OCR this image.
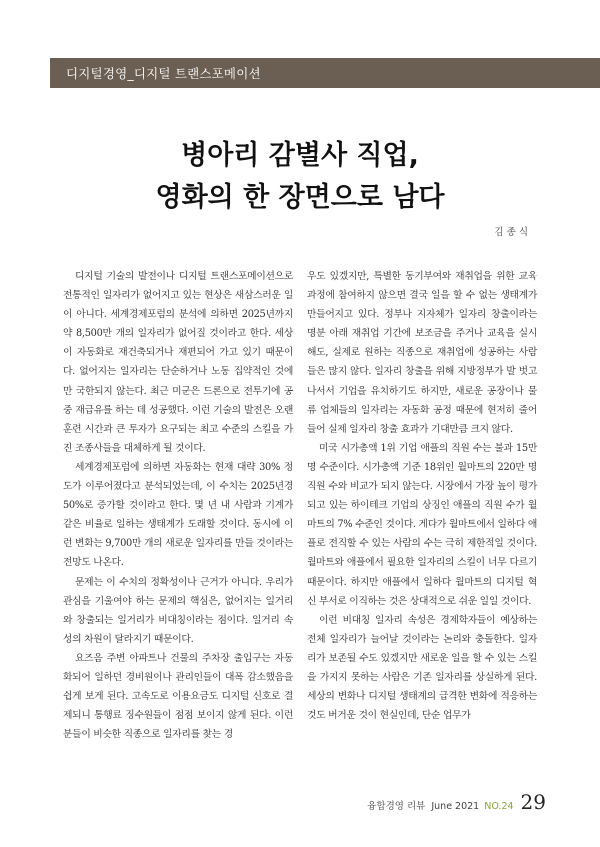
디지털경영_디지털 트랜스포메이션
병아리 감별사 직업,
영화의 한 장면으로 남다
김 종 식

디지털 기술의 발전이나 디지털 트랜스포메이션으로 전통적인 일자리가 없어지고 있는 현상은 새삼스러운 일이 아니다. 세계경제포럼의 분석에 의하면 2025년까지 약 8,500만 개의 일자리가 없어질 것이라고 한다. 세상이 자동화로 재건축되거나 재편되어 가고 있기 때문이다. 없어지는 일자리는 단순하거나 노동 집약적인 것에만 국한되지 않는다. 최근 미군은 드론으로 전투기에 공중 재급유를 하는 데 성공했다. 이런 기술의 발전은 오랜 훈련 시간과 큰 투자가 요구되는 최고 수준의 스킬을 가진 조종사들을 대체하게 될 것이다.

세계경제포럼에 의하면 자동화는 현재 대략 30% 정도가 이루어졌다고 분석되었는데, 이 수치는 2025년경 50%로 증가할 것이라고 한다. 몇 년 내 사람과 기계가 같은 비율로 일하는 생태계가 도래할 것이다. 동시에 이런 변화는 9,700만 개의 새로운 일자리를 만들 것이라는 전망도 나온다.

문제는 이 수치의 정확성이나 근거가 아니다. 우리가 관심을 기울여야 하는 문제의 핵심은, 없어지는 일거리와 창출되는 일거리가 비대칭이라는 점이다. 일거리 속성의 차원이 달라지기 때문이다.

요즈음 주변 아파트나 건물의 주차장 출입구는 자동화되어 일하던 경비원이나 관리인들이 대폭 감소했음을 쉽게 보게 된다. 고속도로 이용요금도 디지털 신호로 결제되니 통행료 징수원들이 점점 보이지 않게 된다. 이런 분들이 비슷한 직종으로 일자리를 찾는 경

우도 있겠지만, 특별한 동기부여와 재취업을 위한 교육과정에 참여하지 않으면 결국 일을 할 수 없는 생태계가 만들어지고 있다. 정부나 지자체가 일자리 창출이라는 명분 아래 재취업 기간에 보조금을 주거나 교육을 실시해도, 실제로 원하는 직종으로 재취업에 성공하는 사람들은 많지 않다. 일자리 창출을 위해 지방정부가 발 벗고 나서서 기업을 유치하기도 하지만, 새로운 공장이나 물류 업체들의 일자리는 자동화 공정 때문에 현저히 줄어들어 실제 일자리 창출 효과가 기대만큼 크지 않다.

미국 시가총액 1위 기업 애플의 직원 수는 불과 15만 명 수준이다. 시가총액 기준 18위인 월마트의 220만 명 직원 수와 비교가 되지 않는다. 시장에서 가장 높이 평가되고 있는 하이테크 기업의 상징인 애플의 직원 수가 월마트의 7% 수준인 것이다. 게다가 월마트에서 일하다 애플로 전직할 수 있는 사람의 수는 극히 제한적일 것이다. 월마트와 애플에서 필요한 일자리의 스킬이 너무 다르기 때문이다. 하지만 애플에서 일하다 월마트의 디지털 혁신 부서로 이직하는 것은 상대적으로 쉬운 일일 것이다.

이런 비대칭 일자리 속성은 경제학자들이 예상하는 전체 일자리가 늘어날 것이라는 논리와 충돌한다. 일자리가 보존될 수도 있겠지만 새로운 일을 할 수 있는 스킬을 가지지 못하는 사람은 기존 일자리를 상실하게 된다. 세상의 변화나 디지털 생태계의 급격한 변화에 적응하는 것도 버거운 것이 현실인데, 단순 업무가

융합경영 리뷰 June 2021 NO.24 29
